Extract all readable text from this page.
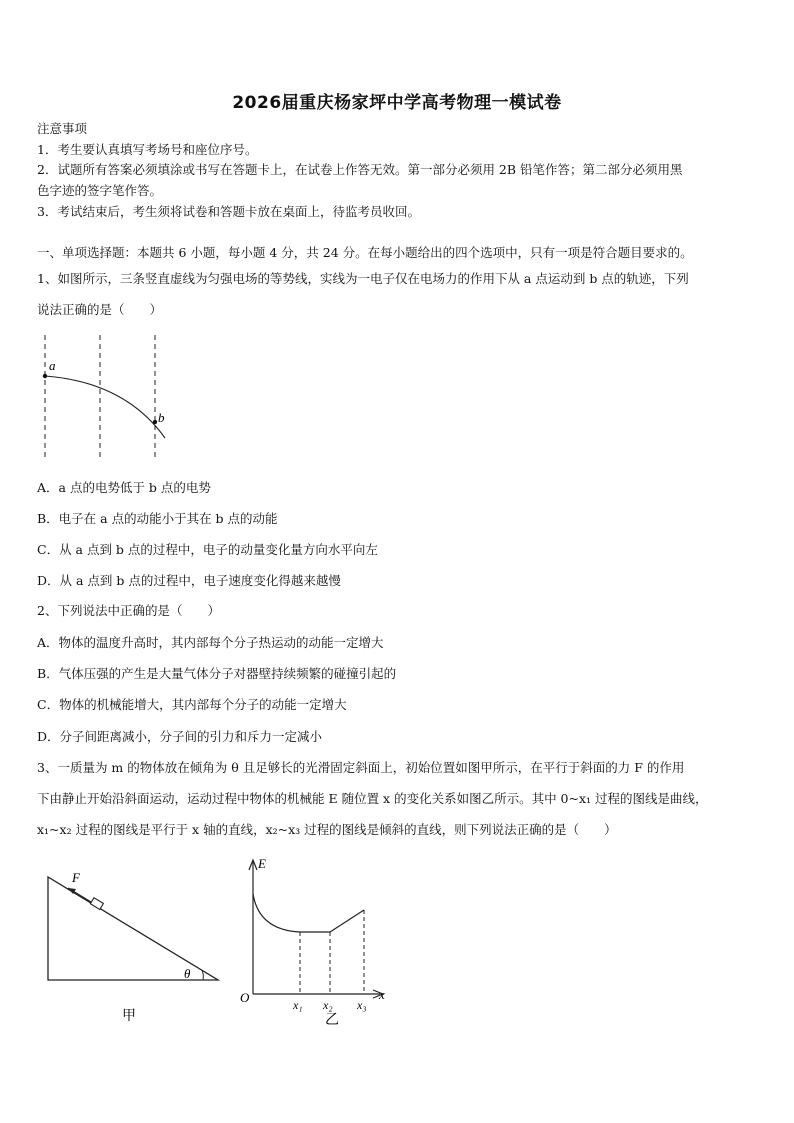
2026届重庆杨家坪中学高考物理一模试卷
注意事项
1．考生要认真填写考场号和座位序号。
2．试题所有答案必须填涂或书写在答题卡上，在试卷上作答无效。第一部分必须用 2B 铅笔作答；第二部分必须用黑
色字迹的签字笔作答。
3．考试结束后，考生须将试卷和答题卡放在桌面上，待监考员收回。
一、单项选择题：本题共 6 小题，每小题 4 分，共 24 分。在每小题给出的四个选项中，只有一项是符合题目要求的。
1、如图所示，三条竖直虚线为匀强电场的等势线，实线为一电子仅在电场力的作用下从 a 点运动到 b 点的轨迹，下列
说法正确的是（　　）
a
b
A．a 点的电势低于 b 点的电势
B．电子在 a 点的动能小于其在 b 点的动能
C．从 a 点到 b 点的过程中，电子的动量变化量方向水平向左
D．从 a 点到 b 点的过程中，电子速度变化得越来越慢
2、下列说法中正确的是（　　）
A．物体的温度升高时，其内部每个分子热运动的动能一定增大
B．气体压强的产生是大量气体分子对器壁持续频繁的碰撞引起的
C．物体的机械能增大，其内部每个分子的动能一定增大
D．分子间距离减小，分子间的引力和斥力一定减小
3、一质量为 m 的物体放在倾角为 θ 且足够长的光滑固定斜面上，初始位置如图甲所示，在平行于斜面的力 F 的作用
下由静止开始沿斜面运动，运动过程中物体的机械能 E 随位置 x 的变化关系如图乙所示。其中 0~x₁ 过程的图线是曲线，
x₁~x₂ 过程的图线是平行于 x 轴的直线，x₂~x₃ 过程的图线是倾斜的直线，则下列说法正确的是（　　）
F
θ
甲
E
x
O	x₁ x₂ x₃
乙
